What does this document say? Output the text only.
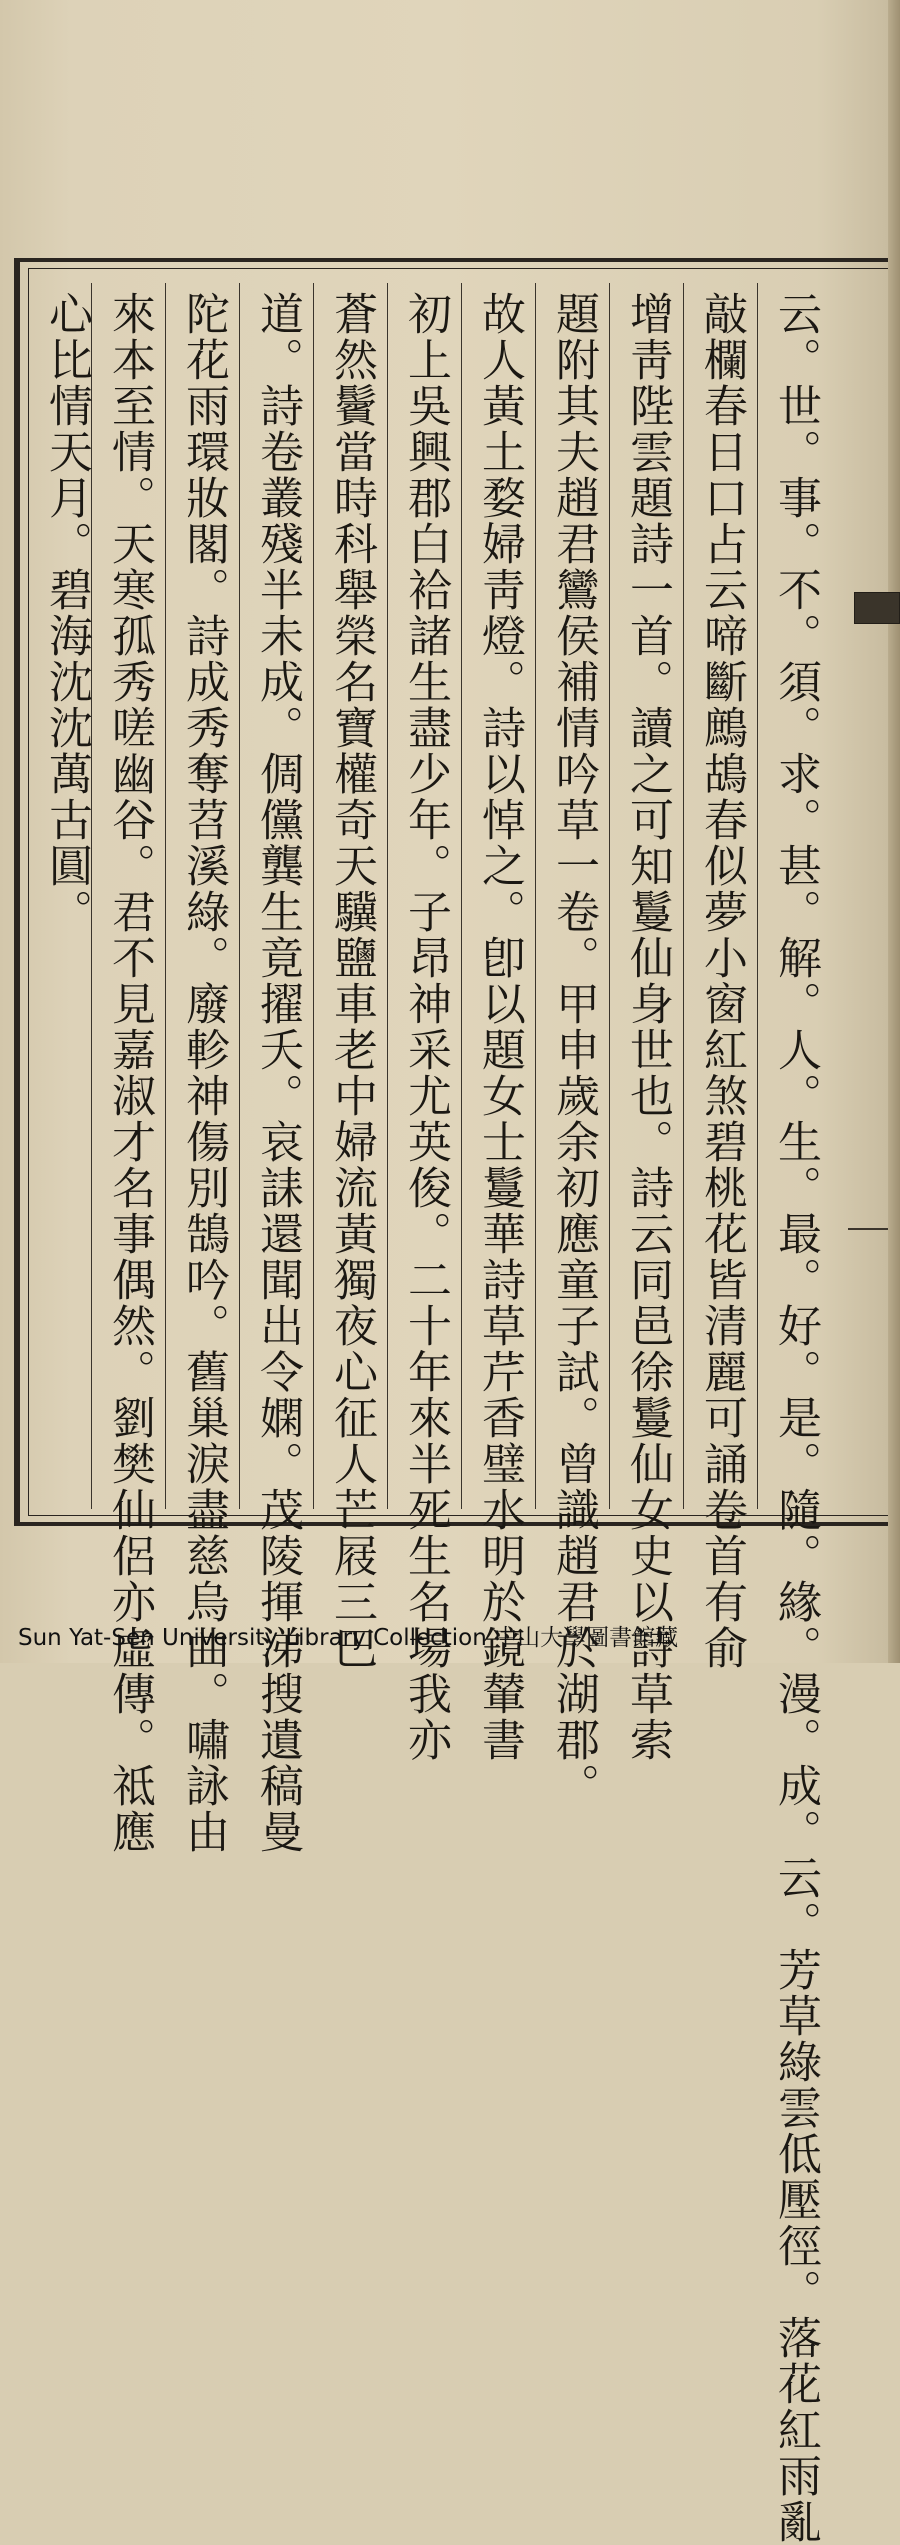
云。世。事。不。須。求。甚。解。人。生。最。好。是。隨。緣。漫。成。云。芳草綠雲低壓徑。落花紅雨亂
敲欄春日口占云啼斷鷓鴣春似夢小窗紅煞碧桃花皆清麗可誦卷首有俞
增靑陛雲題詩一首。讀之可知鬘仙身世也。詩云同邑徐鬘仙女史以詩草索
題附其夫趙君鸞侯補情吟草一卷。甲申歲余初應童子試。曾識趙君於湖郡。
故人黃土婺婦靑燈。詩以悼之。卽以題女士鬘華詩草芹香璧水明於鏡輦書
初上吳興郡白袷諸生盡少年。子昂神采尤英俊。二十年來半死生名場我亦
蒼然鬢當時科舉榮名寶權奇天驥鹽車老中婦流黃獨夜心征人芒屐三巴
道。詩卷叢殘半未成。倜儻龔生竟擢夭。哀誄還聞出令嫻。茂陵揮涕搜遺稿曼
陀花雨環妝閣。詩成秀奪苕溪綠。廢軫神傷別鵠吟。舊巢淚盡慈烏曲。嘯詠由
來本至情。天寒孤秀嗟幽谷。君不見嘉淑才名事偶然。劉樊仙侶亦虛傳。祗應
心比情天月。碧海沈沈萬古圓。
Sun Yat-Sen University Library Collection 中山大學圖書館藏
